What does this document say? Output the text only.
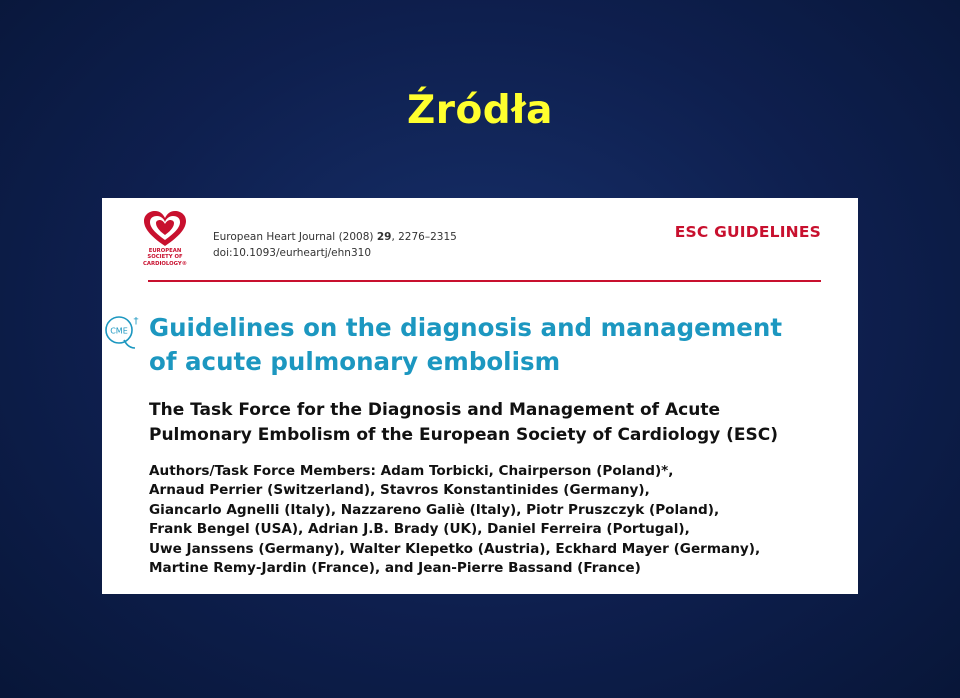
Źródła
EUROPEAN
SOCIETY OF
CARDIOLOGY®
European Heart Journal (2008) 29, 2276–2315
doi:10.1093/eurheartj/ehn310
ESC GUIDELINES
CME
† Guidelines on the diagnosis and management
of acute pulmonary embolism
The Task Force for the Diagnosis and Management of Acute
Pulmonary Embolism of the European Society of Cardiology (ESC)
Authors/Task Force Members: Adam Torbicki, Chairperson (Poland)*,
Arnaud Perrier (Switzerland), Stavros Konstantinides (Germany),
Giancarlo Agnelli (Italy), Nazzareno Galiè (Italy), Piotr Pruszczyk (Poland),
Frank Bengel (USA), Adrian J.B. Brady (UK), Daniel Ferreira (Portugal),
Uwe Janssens (Germany), Walter Klepetko (Austria), Eckhard Mayer (Germany),
Martine Remy-Jardin (France), and Jean-Pierre Bassand (France)
